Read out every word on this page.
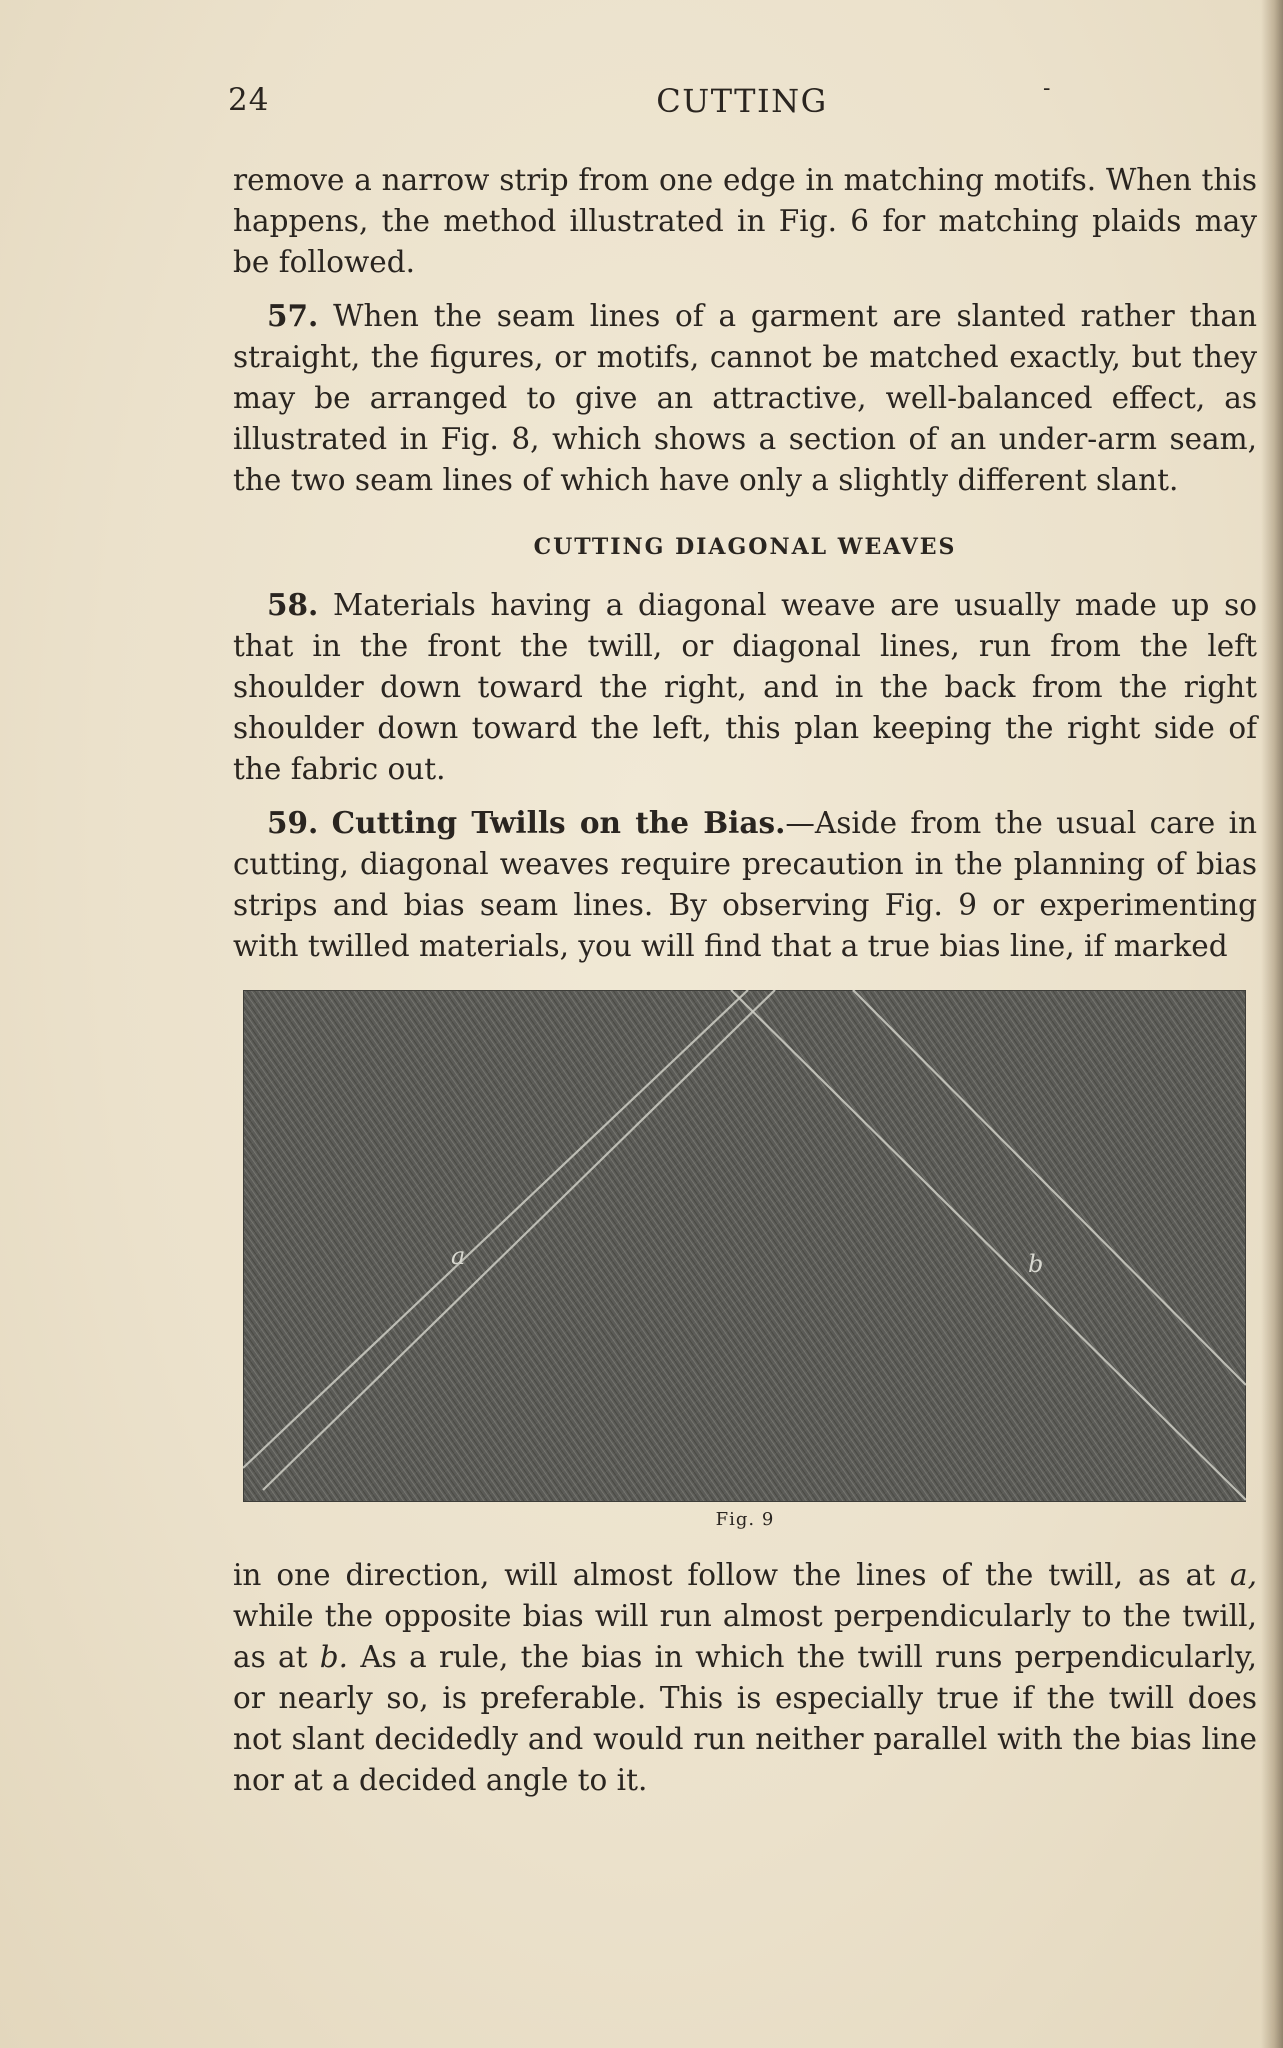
24	CUTTING	-

remove a narrow strip from one edge in matching motifs. When this happens, the method illustrated in Fig. 6 for matching plaids may be followed.

57. When the seam lines of a garment are slanted rather than straight, the figures, or motifs, cannot be matched exactly, but they may be arranged to give an attractive, well-balanced effect, as illustrated in Fig. 8, which shows a section of an under-arm seam, the two seam lines of which have only a slightly different slant.

CUTTING DIAGONAL WEAVES

58. Materials having a diagonal weave are usually made up so that in the front the twill, or diagonal lines, run from the left shoulder down toward the right, and in the back from the right shoulder down toward the left, this plan keeping the right side of the fabric out.

59. Cutting Twills on the Bias.—Aside from the usual care in cutting, diagonal weaves require precaution in the planning of bias strips and bias seam lines. By observing Fig. 9 or experimenting with twilled materials, you will find that a true bias line, if marked

a	b
Fig. 9

in one direction, will almost follow the lines of the twill, as at a, while the opposite bias will run almost perpendicularly to the twill, as at b. As a rule, the bias in which the twill runs perpendicularly, or nearly so, is preferable. This is especially true if the twill does not slant decidedly and would run neither parallel with the bias line nor at a decided angle to it.
